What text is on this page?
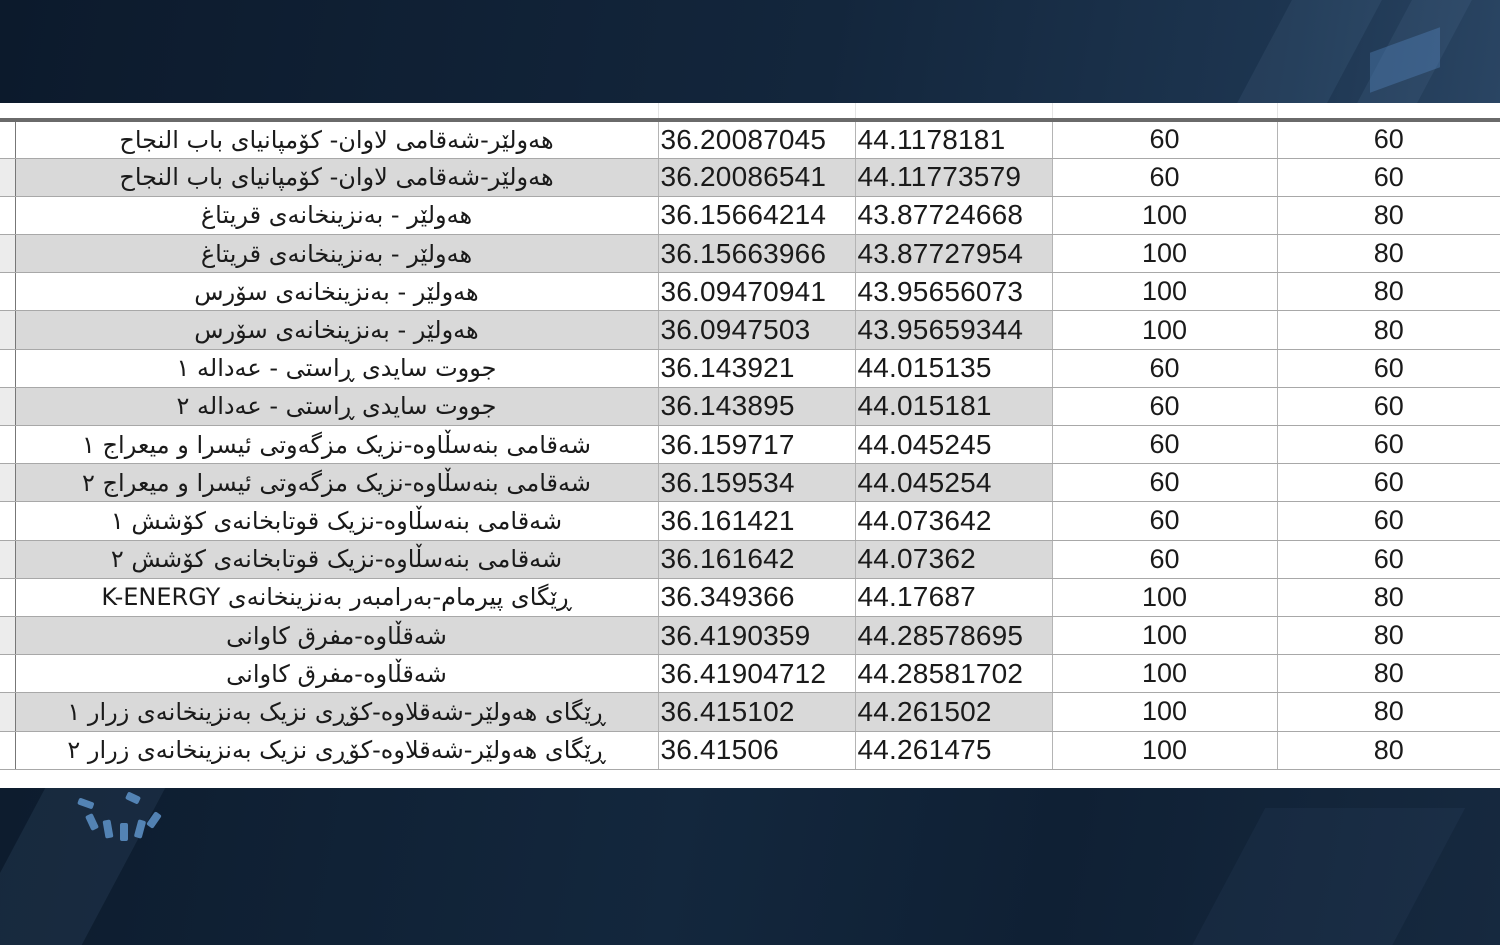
	هەولێر-شەقامی لاوان- کۆمپانیای باب النجاح	36.20087045	44.1178181	60	60
	هەولێر-شەقامی لاوان- کۆمپانیای باب النجاح	36.20086541	44.11773579	60	60
	هەولێر - بەنزینخانەی قریتاغ	36.15664214	43.87724668	100	80
	هەولێر - بەنزینخانەی قریتاغ	36.15663966	43.87727954	100	80
	هەولێر - بەنزینخانەی سۆرس	36.09470941	43.95656073	100	80
	هەولێر - بەنزینخانەی سۆرس	36.0947503	43.95659344	100	80
	جووت سایدی ڕاستی - عەداله ١	36.143921	44.015135	60	60
	جووت سایدی ڕاستی - عەداله ٢	36.143895	44.015181	60	60
	شەقامی بنەسڵاوە-نزیک مزگەوتی ئیسرا و میعراج ١	36.159717	44.045245	60	60
	شەقامی بنەسڵاوە-نزیک مزگەوتی ئیسرا و میعراج ٢	36.159534	44.045254	60	60
	شەقامی بنەسڵاوە-نزیک قوتابخانەی کۆشش ١	36.161421	44.073642	60	60
	شەقامی بنەسڵاوە-نزیک قوتابخانەی کۆشش ٢	36.161642	44.07362	60	60
	ڕێگای پیرمام-بەرامبەر بەنزینخانەی K-ENERGY	36.349366	44.17687	100	80
	شەقڵاوە-مفرق کاوانی	36.4190359	44.28578695	100	80
	شەقڵاوە-مفرق کاوانی	36.41904712	44.28581702	100	80
	ڕێگای هەولێر-شەقلاوە-کۆڕی نزیک بەنزینخانەی زرار ١	36.415102	44.261502	100	80
	ڕێگای هەولێر-شەقلاوە-کۆڕی نزیک بەنزینخانەی زرار ٢	36.41506	44.261475	100	80
